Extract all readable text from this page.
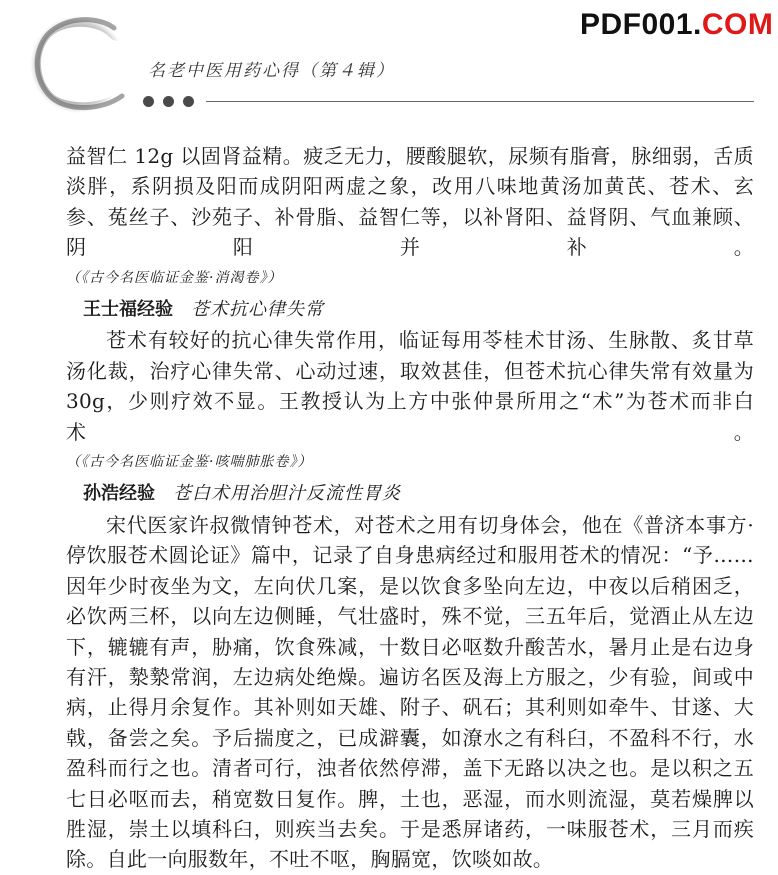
名老中医用药心得（第４辑）
PDF001.COM

益智仁 12g 以固肾益精。疲乏无力，腰酸腿软，尿频有脂膏，脉细弱，舌质淡胖，系阴损及阳而成阴阳两虚之象，改用八味地黄汤加黄芪、苍术、玄参、菟丝子、沙苑子、补骨脂、益智仁等，以补肾阳、益肾阴、气血兼顾、阴阳并补。

（《古今名医临证金鉴·消渴卷》）

王士福经验 苍术抗心律失常

苍术有较好的抗心律失常作用，临证每用苓桂术甘汤、生脉散、炙甘草汤化裁，治疗心律失常、心动过速，取效甚佳，但苍术抗心律失常有效量为 30g，少则疗效不显。王教授认为上方中张仲景所用之“术”为苍术而非白术。

（《古今名医临证金鉴·咳喘肺胀卷》）

孙浩经验 苍白术用治胆汁反流性胃炎

宋代医家许叔微情钟苍术，对苍术之用有切身体会，他在《普济本事方·停饮服苍术圆论证》篇中，记录了自身患病经过和服用苍术的情况：“予……因年少时夜坐为文，左向伏几案，是以饮食多坠向左边，中夜以后稍困乏，必饮两三杯，以向左边侧睡，气壮盛时，殊不觉，三五年后，觉酒止从左边下，辘辘有声，胁痛，饮食殊减，十数日必呕数升酸苦水，暑月止是右边身有汗，漐漐常润，左边病处绝燥。遍访名医及海上方服之，少有验，间或中病，止得月余复作。其补则如天雄、附子、矾石；其利则如牵牛、甘遂、大戟，备尝之矣。予后揣度之，已成澼囊，如潦水之有科臼，不盈科不行，水盈科而行之也。清者可行，浊者依然停滞，盖下无路以决之也。是以积之五七日必呕而去，稍宽数日复作。脾，土也，恶湿，而水则流湿，莫若燥脾以胜湿，崇土以填科臼，则疾当去矣。于是悉屏诸药，一味服苍术，三月而疾除。自此一向服数年，不吐不呕，胸膈宽，饮啖如故。
